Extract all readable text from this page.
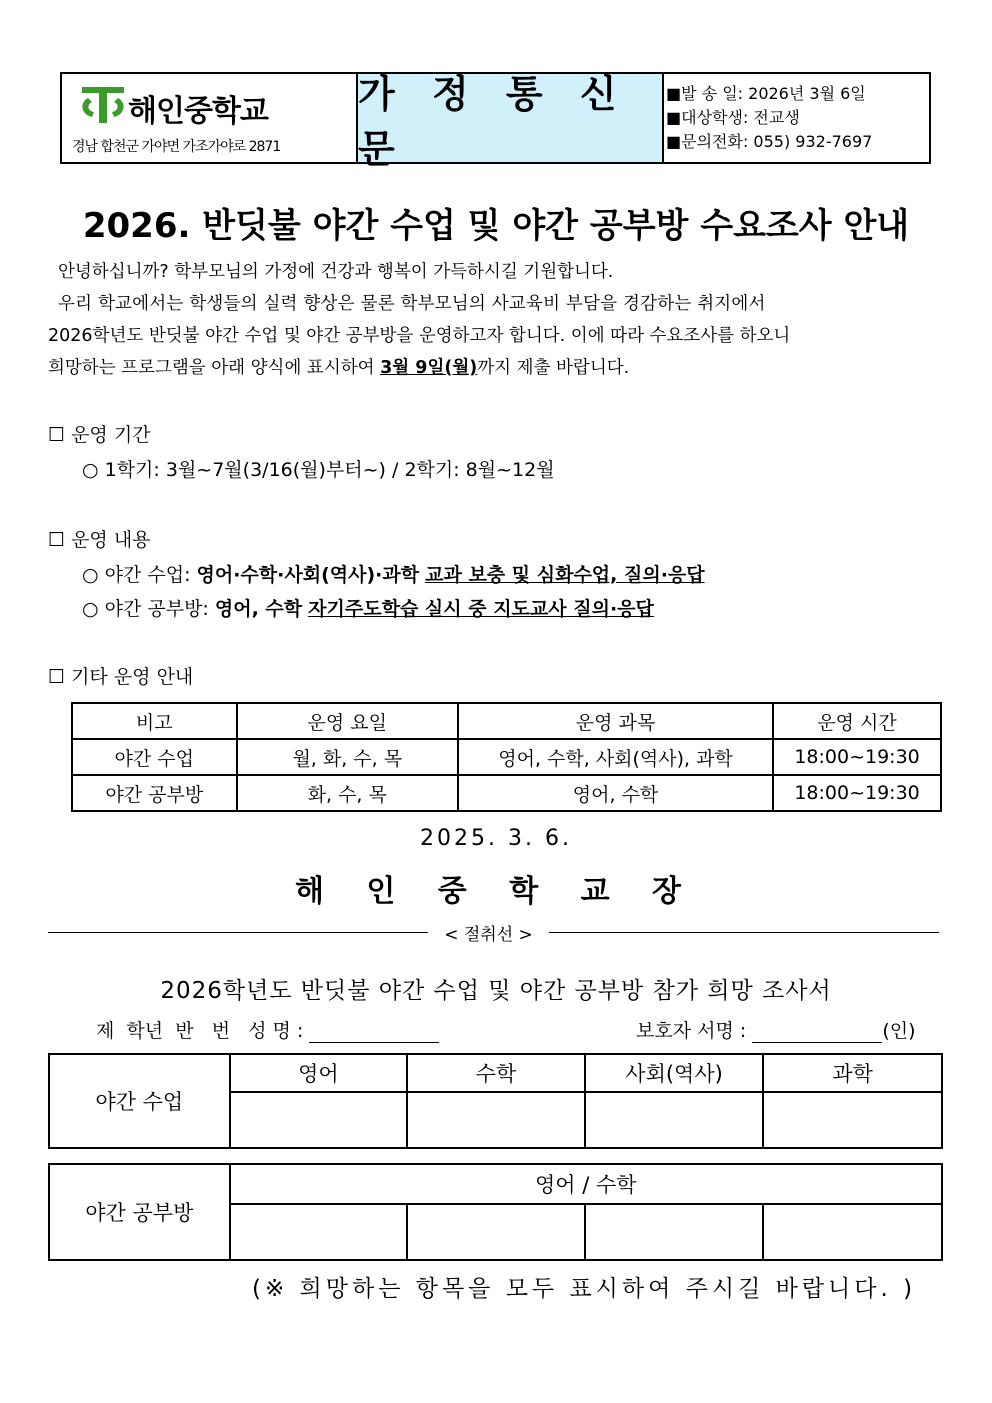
해인중학교
경남 합천군 가야면 가조가야로 2871
가 정 통 신 문
■발 송 일: 2026년 3월 6일
■대상학생: 전교생
■문의전화: 055) 932-7697
2026. 반딧불 야간 수업 및 야간 공부방 수요조사 안내
안녕하십니까? 학부모님의 가정에 건강과 행복이 가득하시길 기원합니다.
우리 학교에서는 학생들의 실력 향상은 물론 학부모님의 사교육비 부담을 경감하는 취지에서
2026학년도 반딧불 야간 수업 및 야간 공부방을 운영하고자 합니다. 이에 따라 수요조사를 하오니
희망하는 프로그램을 아래 양식에 표시하여 3월 9일(월)까지 제출 바랍니다.
☐ 운영 기간
○ 1학기: 3월~7월(3/16(월)부터~) / 2학기: 8월~12월
☐ 운영 내용
○ 야간 수업: 영어·수학·사회(역사)·과학 교과 보충 및 심화수업, 질의·응답
○ 야간 공부방: 영어, 수학 자기주도학습 실시 중 지도교사 질의·응답
☐ 기타 운영 안내
비고	운영 요일	운영 과목	운영 시간
야간 수업	월, 화, 수, 목	영어, 수학, 사회(역사), 과학	18:00~19:30
야간 공부방	화, 수, 목	영어, 수학	18:00~19:30
2025. 3. 6.
해 인 중 학 교 장
< 절취선 >
2026학년도 반딧불 야간 수업 및 야간 공부방 참가 희망 조사서
제  학년  반   번   성 명 :	보호자 서명 :	(인)
야간 수업	영어	수학	사회(역사)	과학

야간 공부방	영어 / 수학			

(※ 희망하는 항목을 모두 표시하여 주시길 바랍니다. )
